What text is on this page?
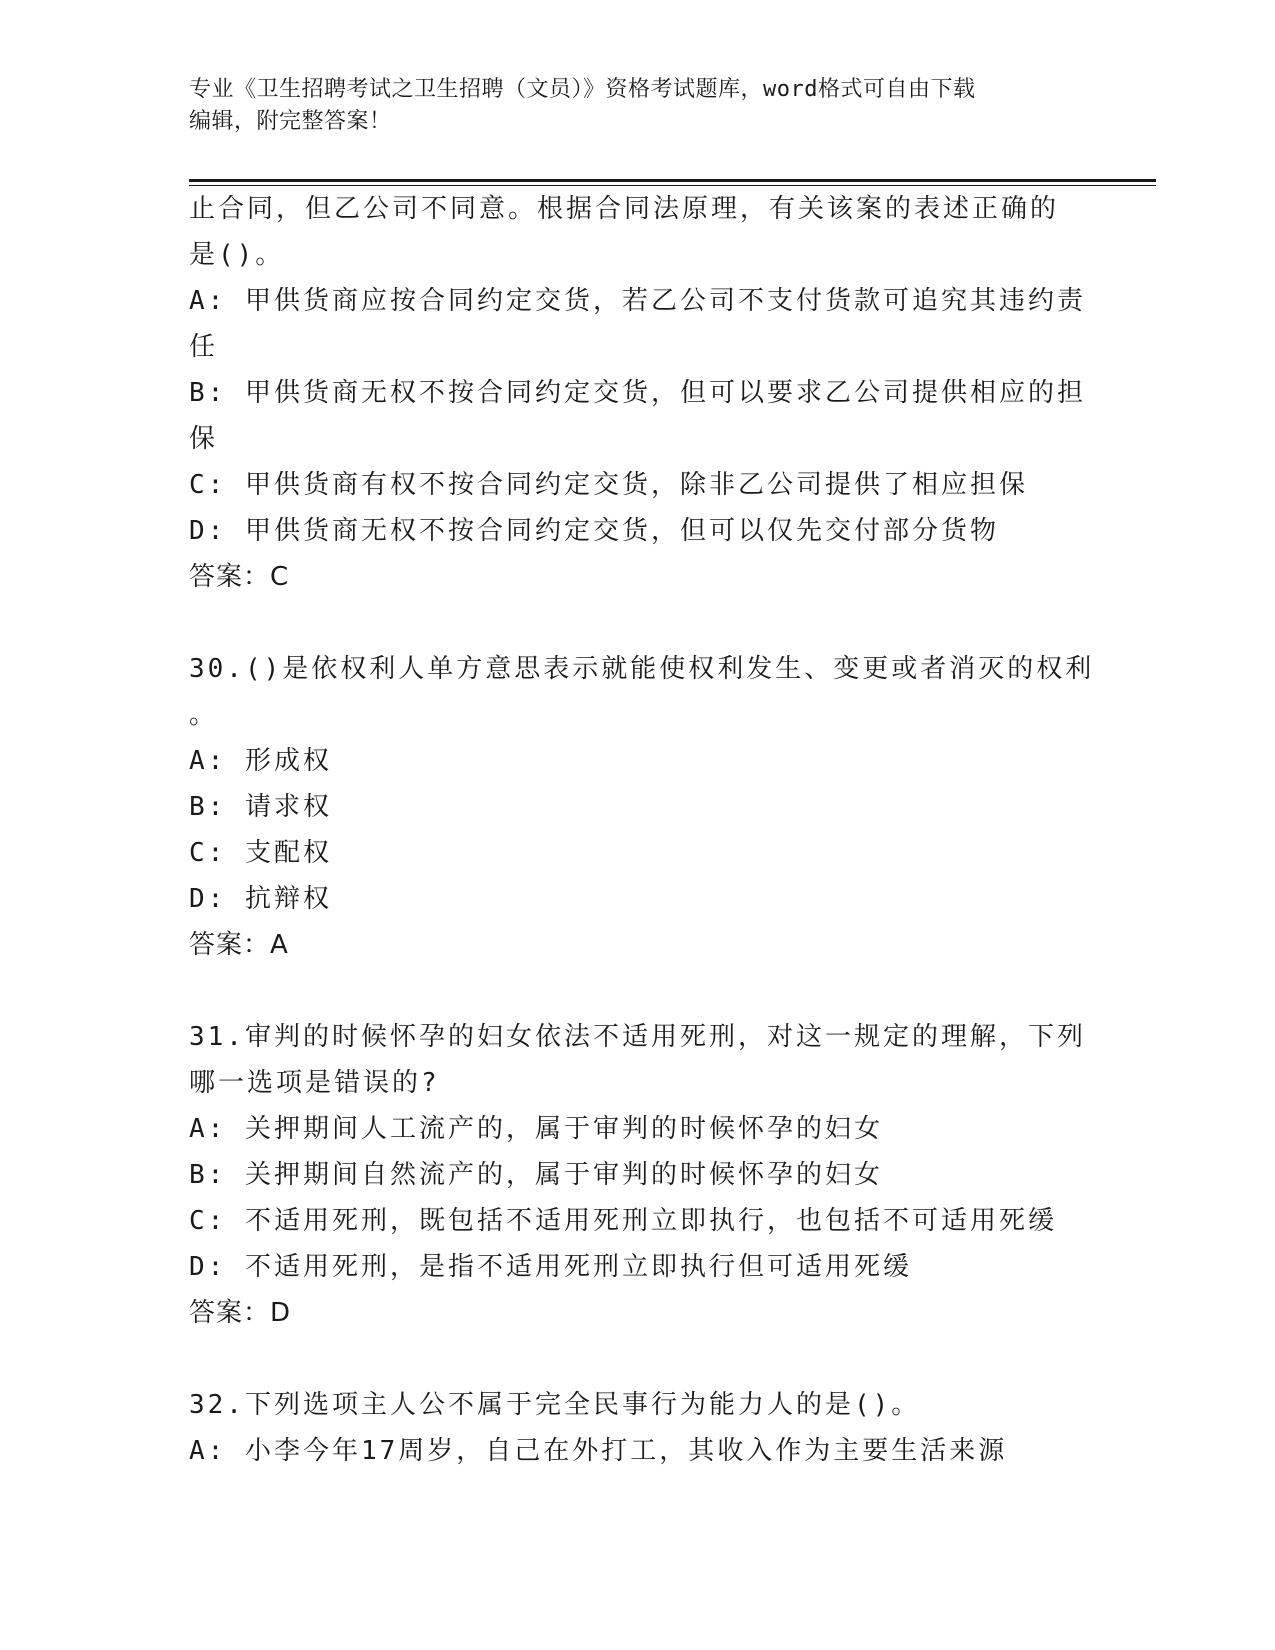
专业《卫生招聘考试之卫生招聘（文员）》资格考试题库，word格式可自由下载
编辑，附完整答案！
止合同，但乙公司不同意。根据合同法原理，有关该案的表述正确的
是()。
A: 甲供货商应按合同约定交货，若乙公司不支付货款可追究其违约责
任
B: 甲供货商无权不按合同约定交货，但可以要求乙公司提供相应的担
保
C: 甲供货商有权不按合同约定交货，除非乙公司提供了相应担保
D: 甲供货商无权不按合同约定交货，但可以仅先交付部分货物
答案：C
30.()是依权利人单方意思表示就能使权利发生、变更或者消灭的权利
。
A: 形成权
B: 请求权
C: 支配权
D: 抗辩权
答案：A
31.审判的时候怀孕的妇女依法不适用死刑，对这一规定的理解，下列
哪一选项是错误的?
A: 关押期间人工流产的，属于审判的时候怀孕的妇女
B: 关押期间自然流产的，属于审判的时候怀孕的妇女
C: 不适用死刑，既包括不适用死刑立即执行，也包括不可适用死缓
D: 不适用死刑，是指不适用死刑立即执行但可适用死缓
答案：D
32.下列选项主人公不属于完全民事行为能力人的是()。
A: 小李今年17周岁，自己在外打工，其收入作为主要生活来源
